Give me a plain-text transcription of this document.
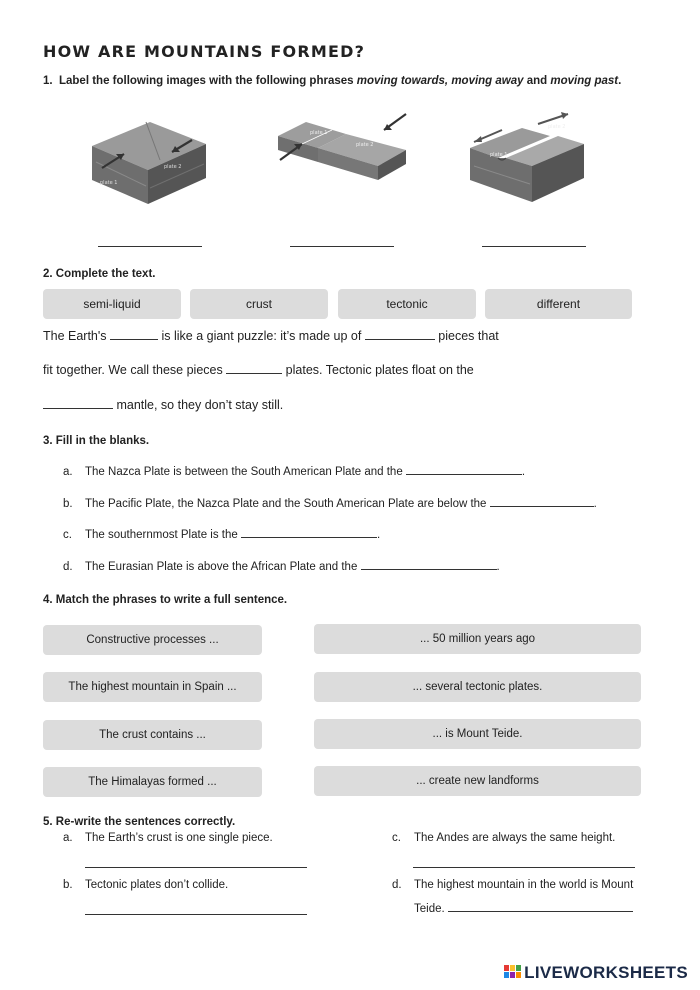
HOW ARE MOUNTAINS FORMED?
1. Label the following images with the following phrases moving towards, moving away and moving past.
plate 1
plate 2
plate 1
plate 2
plate 1
plate 2
2. Complete the text.
semi-liquid	crust	tectonic	different
The Earth's	is like a giant puzzle: it’s made up of	pieces that
fit together. We call these pieces	plates. Tectonic plates float on the
mantle, so they don’t stay still.
3. Fill in the blanks.
a. The Nazca Plate is between the South American Plate and the	.
b. The Pacific Plate, the Nazca Plate and the South American Plate are below the	.
c. The southernmost Plate is the	.
d. The Eurasian Plate is above the African Plate and the	.
4. Match the phrases to write a full sentence.
Constructive processes ...	... 50 million years ago
The highest mountain in Spain ...	... several tectonic plates.
The crust contains ...	... is Mount Teide.
The Himalayas formed ...	... create new landforms
5. Re-write the sentences correctly.
a. The Earth’s crust is one single piece.
b. Tectonic plates don’t collide.
c. The Andes are always the same height.
d. The highest mountain in the world is Mount
Teide.
LIVEWORKSHEETS
